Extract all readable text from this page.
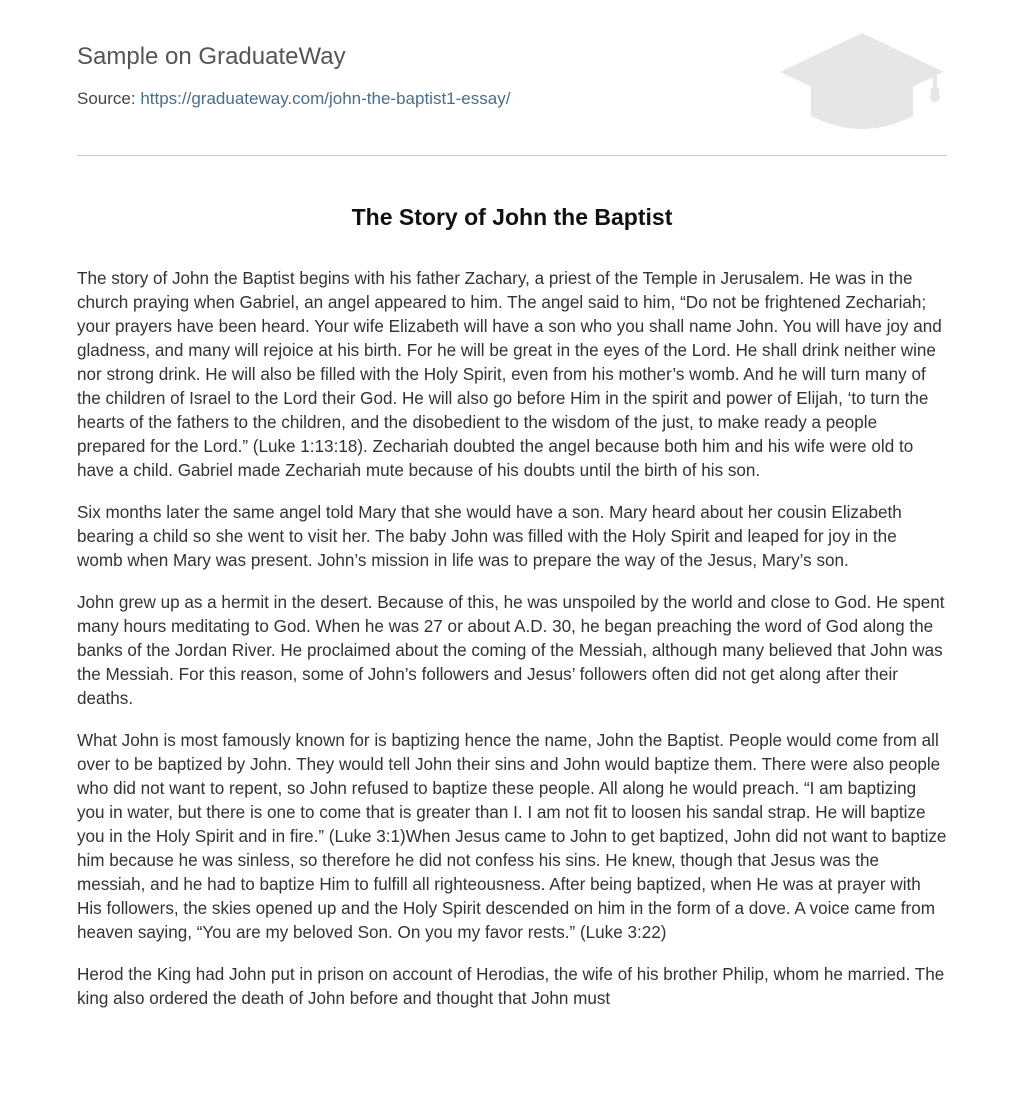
Sample on GraduateWay
Source: https://graduateway.com/john-the-baptist1-essay/
The Story of John the Baptist

The story of John the Baptist begins with his father Zachary, a priest of the Temple in Jerusalem. He was in the church praying when Gabriel, an angel appeared to him. The angel said to him, “Do not be frightened Zechariah; your prayers have been heard. Your wife Elizabeth will have a son who you shall name John. You will have joy and gladness, and many will rejoice at his birth. For he will be great in the eyes of the Lord. He shall drink neither wine nor strong drink. He will also be filled with the Holy Spirit, even from his mother’s womb. And he will turn many of the children of Israel to the Lord their God. He will also go before Him in the spirit and power of Elijah, ‘to turn the hearts of the fathers to the children, and the disobedient to the wisdom of the just, to make ready a people prepared for the Lord.” (Luke 1:13:18). Zechariah doubted the angel because both him and his wife were old to have a child. Gabriel made Zechariah mute because of his doubts until the birth of his son.

Six months later the same angel told Mary that she would have a son. Mary heard about her cousin Elizabeth bearing a child so she went to visit her. The baby John was filled with the Holy Spirit and leaped for joy in the womb when Mary was present. John’s mission in life was to prepare the way of the Jesus, Mary’s son.

John grew up as a hermit in the desert. Because of this, he was unspoiled by the world and close to God. He spent many hours meditating to God. When he was 27 or about A.D. 30, he began preaching the word of God along the banks of the Jordan River. He proclaimed about the coming of the Messiah, although many believed that John was the Messiah. For this reason, some of John’s followers and Jesus’ followers often did not get along after their deaths.

What John is most famously known for is baptizing hence the name, John the Baptist. People would come from all over to be baptized by John. They would tell John their sins and John would baptize them. There were also people who did not want to repent, so John refused to baptize these people. All along he would preach. “I am baptizing you in water, but there is one to come that is greater than I. I am not fit to loosen his sandal strap. He will baptize you in the Holy Spirit and in fire.” (Luke 3:1)When Jesus came to John to get baptized, John did not want to baptize him because he was sinless, so therefore he did not confess his sins. He knew, though that Jesus was the messiah, and he had to baptize Him to fulfill all righteousness. After being baptized, when He was at prayer with His followers, the skies opened up and the Holy Spirit descended on him in the form of a dove. A voice came from heaven saying, “You are my beloved Son. On you my favor rests.” (Luke 3:22)

Herod the King had John put in prison on account of Herodias, the wife of his brother Philip, whom he married. The king also ordered the death of John before and thought that John must
